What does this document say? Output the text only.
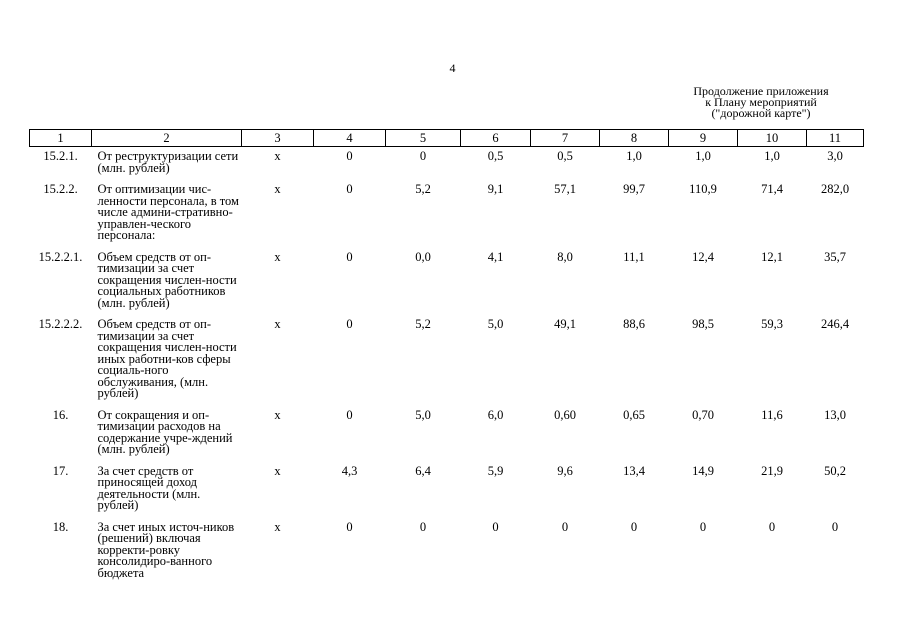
4
Продолжение приложения
к Плану мероприятий
("дорожной карте")
1	2	3	4	5	6	7	8	9	10	11
15.2.1.	От реструктуризации сети (млн. рублей)	х	0	0	0,5	0,5	1,0	1,0	1,0	3,0
15.2.2.	От оптимизации чис-ленности персонала, в том числе админи-стративно-управлен-ческого персонала:	х	0	5,2	9,1	57,1	99,7	110,9	71,4	282,0
15.2.2.1.	Объем средств от оп-тимизации за счет сокращения числен-ности социальных работников (млн. рублей)	х	0	0,0	4,1	8,0	11,1	12,4	12,1	35,7
15.2.2.2.	Объем средств от оп-тимизации за счет сокращения числен-ности иных работни-ков сферы социаль-ного обслуживания, (млн. рублей)	х	0	5,2	5,0	49,1	88,6	98,5	59,3	246,4
16.	От сокращения и оп-тимизации расходов на содержание учре-ждений (млн. рублей)	х	0	5,0	6,0	0,60	0,65	0,70	11,6	13,0
17.	За счет средств от приносящей доход деятельности (млн. рублей)	х	4,3	6,4	5,9	9,6	13,4	14,9	21,9	50,2
18.	За счет иных источ-ников (решений) включая корректи-ровку консолидиро-ванного бюджета	х	0	0	0	0	0	0	0	0
